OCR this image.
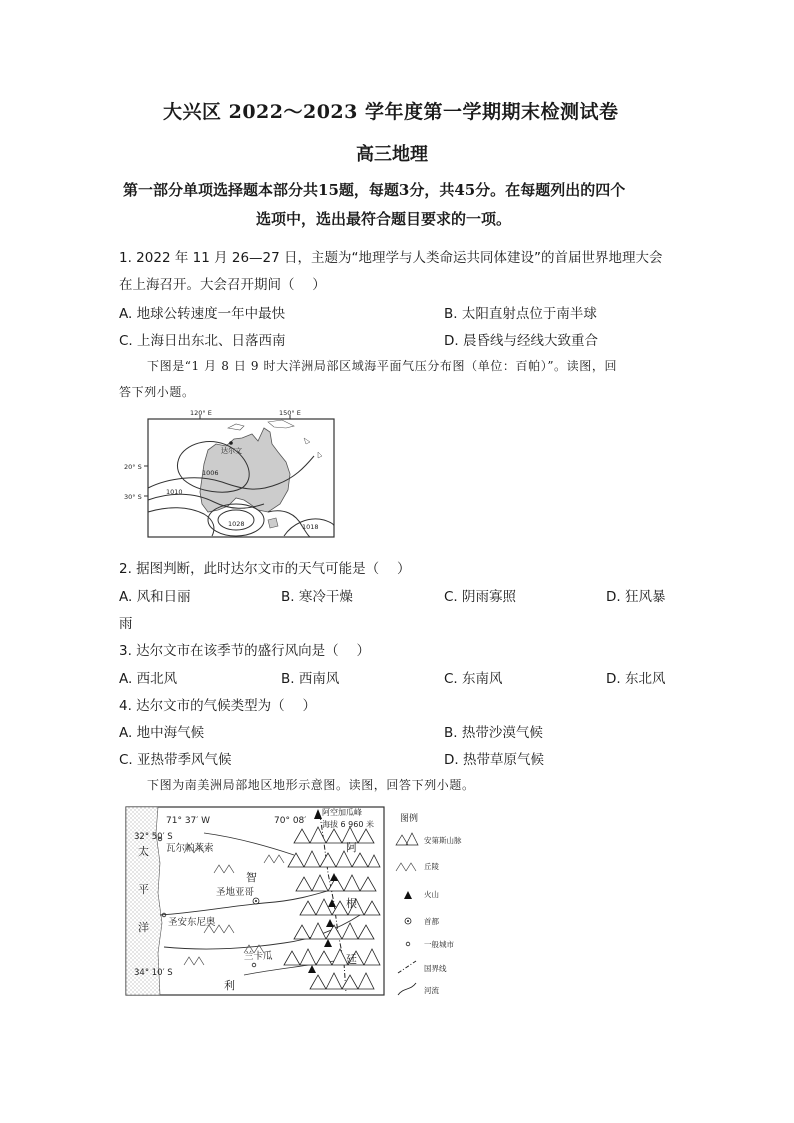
大兴区 2022～2023 学年度第一学期期末检测试卷
高三地理
第一部分单项选择题本部分共15题，每题3分，共45分。在每题列出的四个
选项中，选出最符合题目要求的一项。
1. 2022 年 11 月 26—27 日，主题为“地理学与人类命运共同体建设”的首届世界地理大会
在上海召开。大会召开期间（　 ）
A. 地球公转速度一年中最快	B. 太阳直射点位于南半球
C. 上海日出东北、日落西南	D. 晨昏线与经线大致重合
下图是“1 月 8 日 9 时大洋洲局部区域海平面气压分布图（单位：百帕）”。读图，回
答下列小题。
120° E	150° E
20° S
30° S
达尔文
1006
1010
1028	1018
2. 据图判断，此时达尔文市的天气可能是（　 ）
A. 风和日丽	B. 寒冷干燥	C. 阴雨寡照	D. 狂风暴
雨
3. 达尔文市在该季节的盛行风向是（　 ）
A. 西北风	B. 西南风	C. 东南风	D. 东北风
4. 达尔文市的气候类型为（　 ）
A. 地中海气候	B. 热带沙漠气候
C. 亚热带季风气候	D. 热带草原气候
下图为南美洲局部地区地形示意图。读图，回答下列小题。
71° 37′ W	70° 08′
32° 50′ S
34° 10′ S
阿空加瓜峰
海拔 6 960 米
太
平
洋
智
利
阿
根
廷
瓦尔帕莱索
圣地亚哥
圣安东尼奥
兰卡瓜
图例
安第斯山脉
丘陵
火山
首都
一般城市
国界线
河流
